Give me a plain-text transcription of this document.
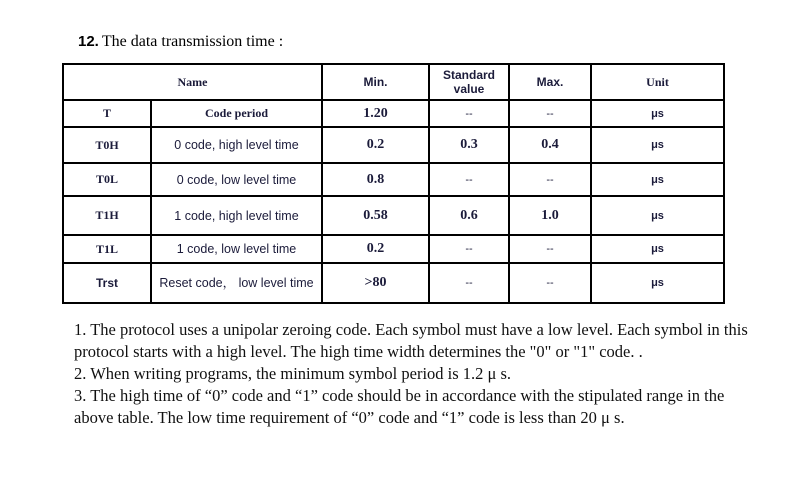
12. The data transmission time :
Name		Min.	Standard value	Max.	Unit
T	Code period	1.20	--	--	μs
T0H	0 code, high level time	0.2	0.3	0.4	μs
T0L	0 code, low level time	0.8	--	--	μs
T1H	1 code, high level time	0.58	0.6	1.0	μs
T1L	1 code, low level time	0.2	--	--	μs
Trst	Reset code， low level time	>80	--	--	μs

1. The protocol uses a unipolar zeroing code. Each symbol must have a low level. Each symbol in this protocol starts with a high level. The high time width determines the "0" or "1" code. .

2. When writing programs, the minimum symbol period is 1.2 μ s.

3. The high time of “0” code and “1” code should be in accordance with the stipulated range in the above table. The low time requirement of “0” code and “1” code is less than 20 μ s.
